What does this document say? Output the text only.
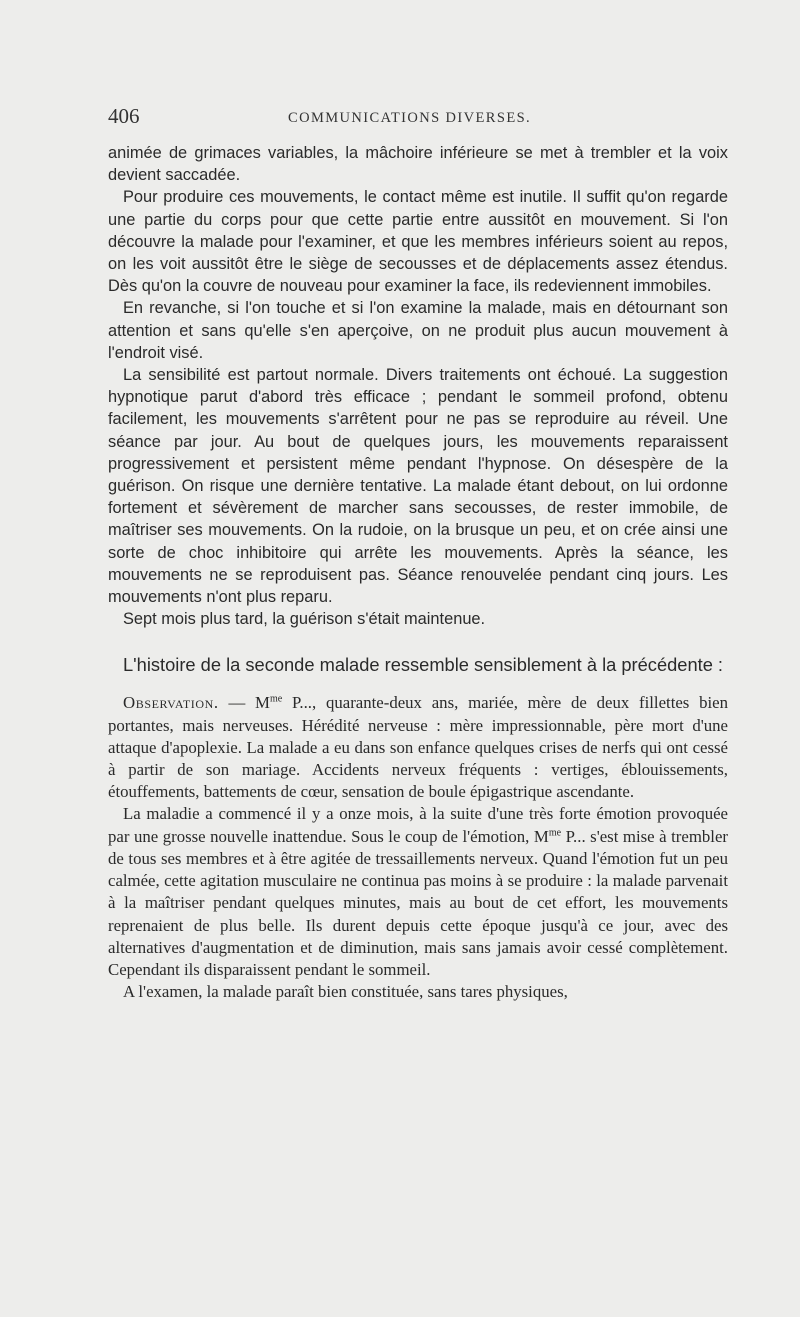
406	COMMUNICATIONS DIVERSES.

animée de grimaces variables, la mâchoire inférieure se met à trembler et la voix devient saccadée.

Pour produire ces mouvements, le contact même est inutile. Il suffit qu'on regarde une partie du corps pour que cette partie entre aussitôt en mouvement. Si l'on découvre la malade pour l'examiner, et que les membres inférieurs soient au repos, on les voit aussitôt être le siège de secousses et de déplacements assez étendus. Dès qu'on la couvre de nouveau pour examiner la face, ils redeviennent immobiles.

En revanche, si l'on touche et si l'on examine la malade, mais en détournant son attention et sans qu'elle s'en aperçoive, on ne produit plus aucun mouvement à l'endroit visé.

La sensibilité est partout normale. Divers traitements ont échoué. La suggestion hypnotique parut d'abord très efficace ; pendant le sommeil profond, obtenu facilement, les mouvements s'arrêtent pour ne pas se reproduire au réveil. Une séance par jour. Au bout de quelques jours, les mouvements reparaissent progressivement et persistent même pendant l'hypnose. On désespère de la guérison. On risque une dernière tentative. La malade étant debout, on lui ordonne fortement et sévèrement de marcher sans secousses, de rester immobile, de maîtriser ses mouvements. On la rudoie, on la brusque un peu, et on crée ainsi une sorte de choc inhibitoire qui arrête les mouvements. Après la séance, les mouvements ne se reproduisent pas. Séance renouvelée pendant cinq jours. Les mouvements n'ont plus reparu.

Sept mois plus tard, la guérison s'était maintenue.

L'histoire de la seconde malade ressemble sensiblement à la précédente :

Observation. — $M^{me}$ P..., quarante-deux ans, mariée, mère de deux fillettes bien portantes, mais nerveuses. Hérédité nerveuse : mère impressionnable, père mort d'une attaque d'apoplexie. La malade a eu dans son enfance quelques crises de nerfs qui ont cessé à partir de son mariage. Accidents nerveux fréquents : vertiges, éblouissements, étouffements, battements de cœur, sensation de boule épigastrique ascendante.

La maladie a commencé il y a onze mois, à la suite d'une très forte émotion provoquée par une grosse nouvelle inattendue. Sous le coup de l'émotion, $M^{me}$ P... s'est mise à trembler de tous ses membres et à être agitée de tressaillements nerveux. Quand l'émotion fut un peu calmée, cette agitation musculaire ne continua pas moins à se produire : la malade parvenait à la maîtriser pendant quelques minutes, mais au bout de cet effort, les mouvements reprenaient de plus belle. Ils durent depuis cette époque jusqu'à ce jour, avec des alternatives d'augmentation et de diminution, mais sans jamais avoir cessé complètement. Cependant ils disparaissent pendant le sommeil.

A l'examen, la malade paraît bien constituée, sans tares physiques,
